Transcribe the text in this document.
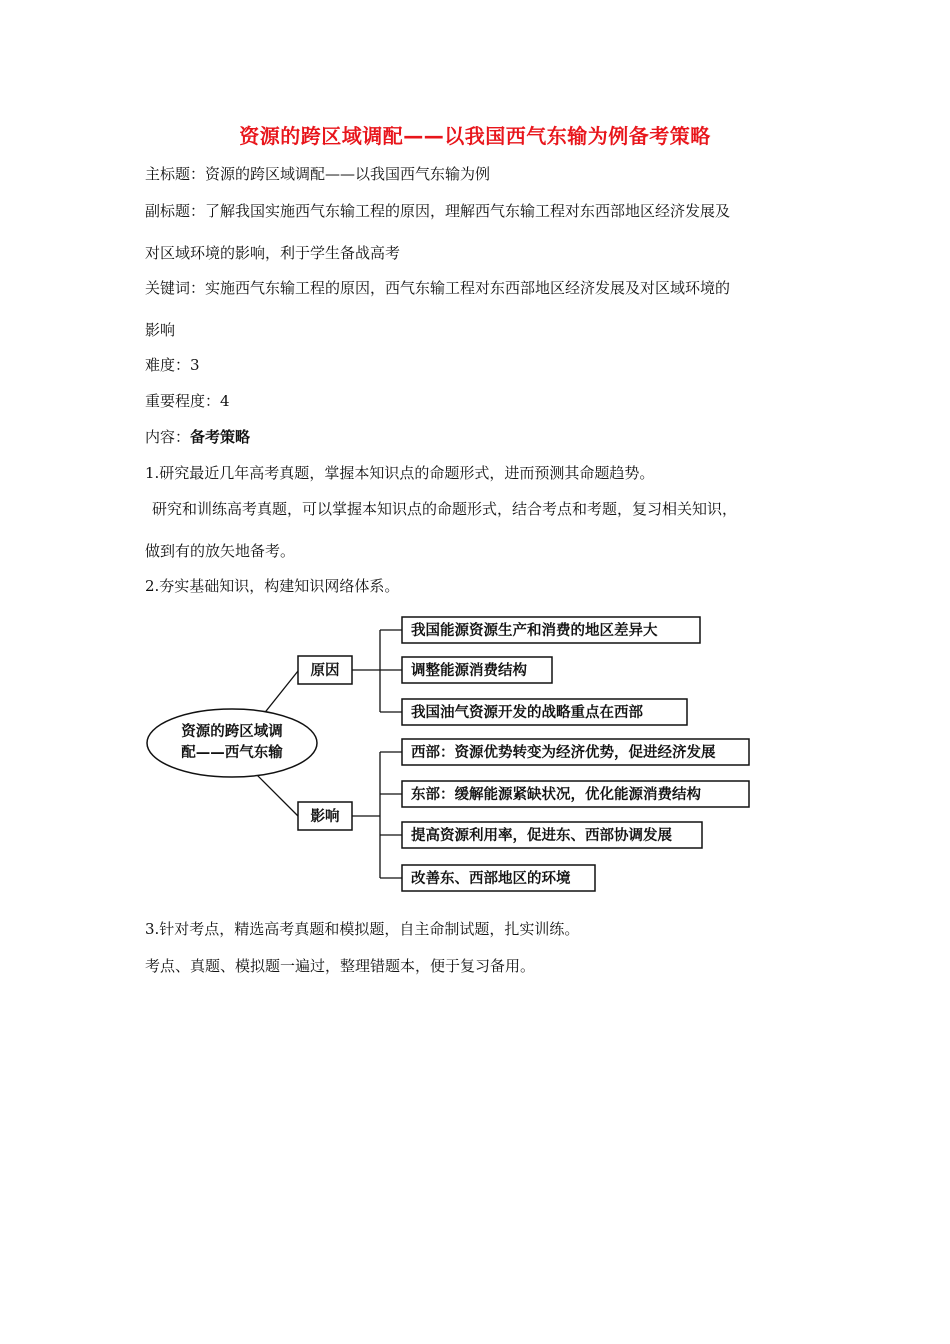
资源的跨区域调配——以我国西气东输为例备考策略
主标题：资源的跨区域调配——以我国西气东输为例
副标题：了解我国实施西气东输工程的原因，理解西气东输工程对东西部地区经济发展及
对区域环境的影响，利于学生备战高考
关键词：实施西气东输工程的原因，西气东输工程对东西部地区经济发展及对区域环境的
影响
难度：3
重要程度：4
内容：备考策略
1.研究最近几年高考真题，掌握本知识点的命题形式，进而预测其命题趋势。
研究和训练高考真题，可以掌握本知识点的命题形式，结合考点和考题，复习相关知识，
做到有的放矢地备考。
2.夯实基础知识，构建知识网络体系。
资源的跨区域调
配——西气东输
原因
我国能源资源生产和消费的地区差异大
调整能源消费结构
我国油气资源开发的战略重点在西部
影响
西部：资源优势转变为经济优势，促进经济发展
东部：缓解能源紧缺状况，优化能源消费结构
提高资源利用率，促进东、西部协调发展
改善东、西部地区的环境
3.针对考点，精选高考真题和模拟题，自主命制试题，扎实训练。
考点、真题、模拟题一遍过，整理错题本，便于复习备用。
